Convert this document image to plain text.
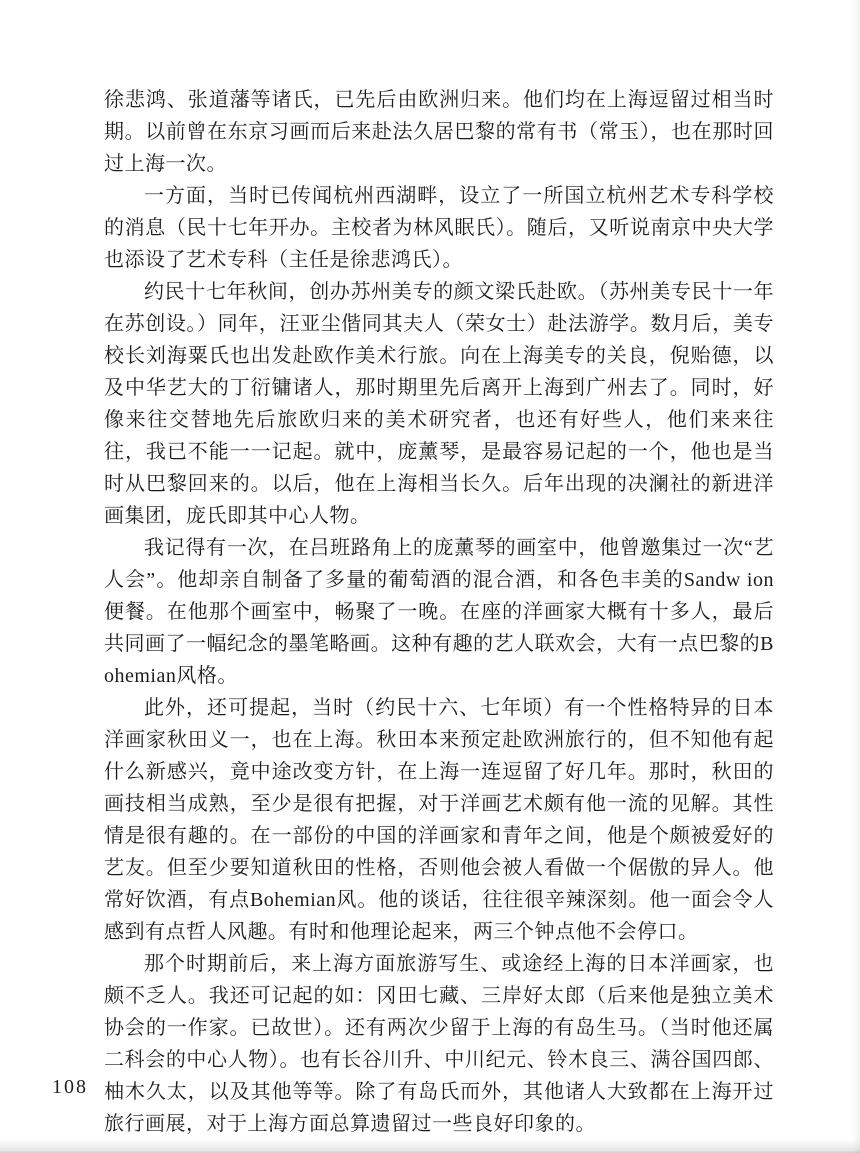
徐悲鸿、张道藩等诸氏，已先后由欧洲归来。他们均在上海逗留过相当时期。以前曾在东京习画而后来赴法久居巴黎的常有书（常玉），也在那时回过上海一次。

一方面，当时已传闻杭州西湖畔，设立了一所国立杭州艺术专科学校的消息（民十七年开办。主校者为林风眠氏）。随后，又听说南京中央大学也添设了艺术专科（主任是徐悲鸿氏）。

约民十七年秋间，创办苏州美专的颜文梁氏赴欧。（苏州美专民十一年在苏创设。）同年，汪亚尘偕同其夫人（荣女士）赴法游学。数月后，美专校长刘海粟氏也出发赴欧作美术行旅。向在上海美专的关良，倪贻德，以及中华艺大的丁衍镛诸人，那时期里先后离开上海到广州去了。同时，好像来往交替地先后旅欧归来的美术研究者，也还有好些人，他们来来往往，我已不能一一记起。就中，庞薰琴，是最容易记起的一个，他也是当时从巴黎回来的。以后，他在上海相当长久。后年出现的决澜社的新进洋画集团，庞氏即其中心人物。

我记得有一次，在吕班路角上的庞薰琴的画室中，他曾邀集过一次“艺人会”。他却亲自制备了多量的葡萄酒的混合酒，和各色丰美的Sandw ion便餐。在他那个画室中，畅聚了一晚。在座的洋画家大概有十多人，最后共同画了一幅纪念的墨笔略画。这种有趣的艺人联欢会，大有一点巴黎的Bohemian风格。

此外，还可提起，当时（约民十六、七年顷）有一个性格特异的日本洋画家秋田义一，也在上海。秋田本来预定赴欧洲旅行的，但不知他有起什么新感兴，竟中途改变方针，在上海一连逗留了好几年。那时，秋田的画技相当成熟，至少是很有把握，对于洋画艺术颇有他一流的见解。其性情是很有趣的。在一部份的中国的洋画家和青年之间，他是个颇被爱好的艺友。但至少要知道秋田的性格，否则他会被人看做一个倨傲的异人。他常好饮酒，有点Bohemian风。他的谈话，往往很辛辣深刻。他一面会令人感到有点哲人风趣。有时和他理论起来，两三个钟点他不会停口。

那个时期前后，来上海方面旅游写生、或途经上海的日本洋画家，也颇不乏人。我还可记起的如：冈田七藏、三岸好太郎（后来他是独立美术协会的一作家。已故世）。还有两次少留于上海的有岛生马。（当时他还属二科会的中心人物）。也有长谷川升、中川纪元、铃木良三、满谷国四郎、柚木久太，以及其他等等。除了有岛氏而外，其他诸人大致都在上海开过旅行画展，对于上海方面总算遗留过一些良好印象的。

108
